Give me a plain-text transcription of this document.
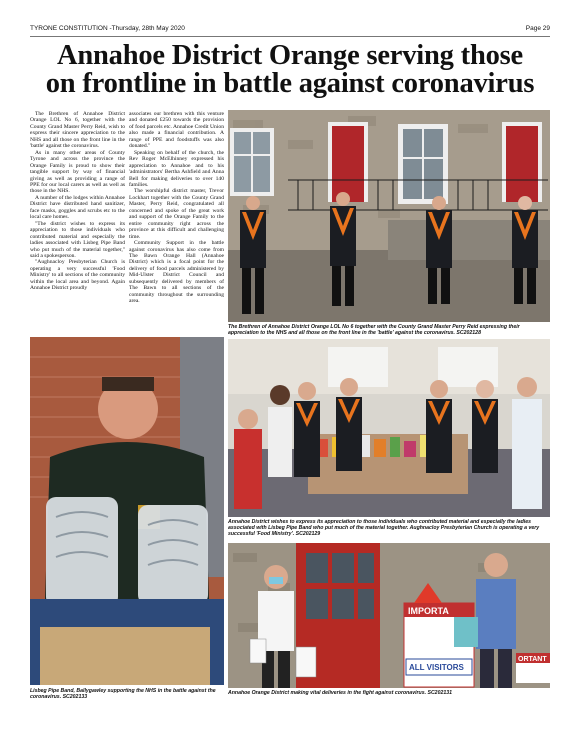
TYRONE CONSTITUTION -Thursday, 28th May 2020	Page 29
Annahoe District Orange serving those
on frontline in battle against coronavirus

The Brethren of Annahoe District Orange LOL No 6, together with the County Grand Master Perry Reid, wish to express their sincere appreciation to the NHS and all those on the front line in the 'battle' against the coronavirus.

As in many other areas of County Tyrone and across the province the Orange Family is proud to show their tangible support by way of financial giving as well as providing a range of PPE for our local carers as well as well as those in the NHS.

A number of the lodges within Annahoe District have distributed hand sanitizer, face masks, goggles and scrubs etc to the local care homes.

"The district wishes to express its appreciation to those individuals who contributed material and especially the ladies associated with Lisbeg Pipe Band who put much of the material together," said a spokesperson.

"Aughnacloy Presbyterian Church is operating a very successful 'Food Ministry' to all sections of the community within the local area and beyond. Again Annahoe District proudly

associates our brethren with this venture and donated £250 towards the provision of food parcels etc. Annahoe Credit Union also made a financial contribution. A range of PPE and foodstuffs was also donated."

Speaking on behalf of the church, the Rev Roger McElhinney expressed his appreciation to Annahoe and to his 'administrators' Bertha Ashfield and Anna Bell for making deliveries to over 140 families.

The worshipful district master, Trevor Lockhart together with the County Grand Master, Perry Reid, congratulated all concerned and spoke of the great work and support of the Orange Family to the entire community right across the province at this difficult and challenging time.

Community Support in the battle against coronavirus has also come from The Bawn Orange Hall (Annahoe District) which is a focal point for the delivery of food parcels administered by Mid-Ulster District Council and subsequently delivered by members of The Bawn to all sections of the community throughout the surrounding area.

The Brethren of Annahoe District Orange LOL No 6 together with the County Grand Master Perry Reid expressing their appreciation to the NHS and all those on the front line in the 'battle' against the coronavirus. SC202128
Lisbeg Pipe Band, Ballygawley supporting the NHS in the battle against the coronavirus. SC202133
Annahoe District wishes to express its appreciation to those individuals who contributed material and especially the ladies associated with Lisbeg Pipe Band who put much of the material together. Aughnacloy Presbyterian Church is operating a very successful 'Food Ministry'. SC202129
IMPORTA
ALL VISITORS
ORTANT
Annahoe Orange District making vital deliveries in the fight against coronavirus. SC202131
